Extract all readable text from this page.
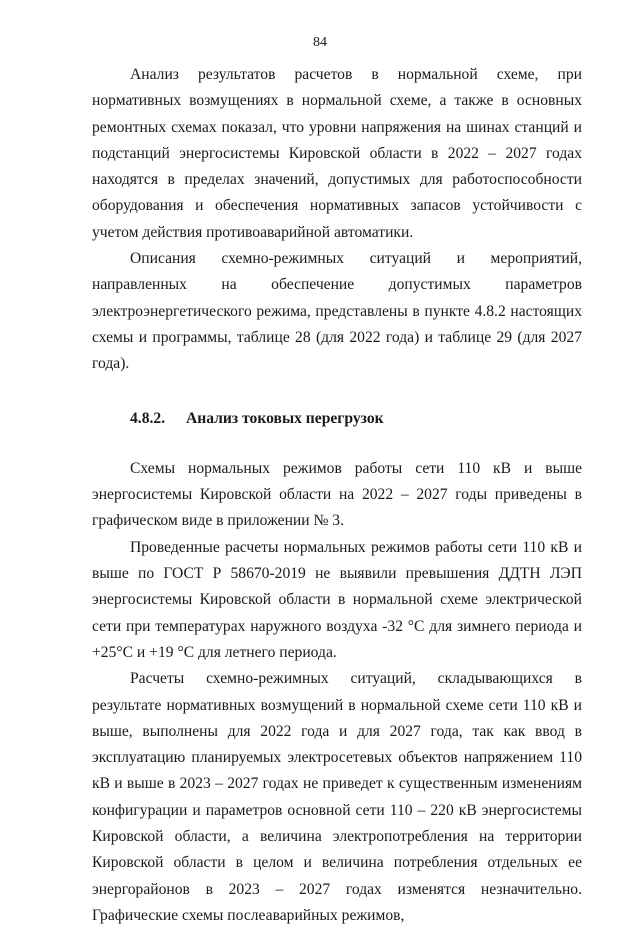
84

Анализ результатов расчетов в нормальной схеме, при нормативных возмущениях в нормальной схеме, а также в основных ремонтных схемах показал, что уровни напряжения на шинах станций и подстанций энергосистемы Кировской области в 2022 – 2027 годах находятся в пределах значений, допустимых для работоспособности оборудования и обеспечения нормативных запасов устойчивости с учетом действия противоаварийной автоматики.

Описания схемно-режимных ситуаций и мероприятий, направленных на обеспечение допустимых параметров электроэнергетического режима, представлены в пункте 4.8.2 настоящих схемы и программы, таблице 28 (для 2022 года) и таблице 29 (для 2027 года).

4.8.2. Анализ токовых перегрузок

Схемы нормальных режимов работы сети 110 кВ и выше энергосистемы Кировской области на 2022 – 2027 годы приведены в графическом виде в приложении № 3.

Проведенные расчеты нормальных режимов работы сети 110 кВ и выше по ГОСТ Р 58670-2019 не выявили превышения ДДТН ЛЭП энергосистемы Кировской области в нормальной схеме электрической сети при температурах наружного воздуха -32 °С для зимнего периода и +25°С и +19 °С для летнего периода.

Расчеты схемно-режимных ситуаций, складывающихся в результате нормативных возмущений в нормальной схеме сети 110 кВ и выше, выполнены для 2022 года и для 2027 года, так как ввод в эксплуатацию планируемых электросетевых объектов напряжением 110 кВ и выше в 2023 – 2027 годах не приведет к существенным изменениям конфигурации и параметров основной сети 110 – 220 кВ энергосистемы Кировской области, а величина электропотребления на территории Кировской области в целом и величина потребления отдельных ее энергорайонов в 2023 – 2027 годах изменятся незначительно. Графические схемы послеаварийных режимов,
